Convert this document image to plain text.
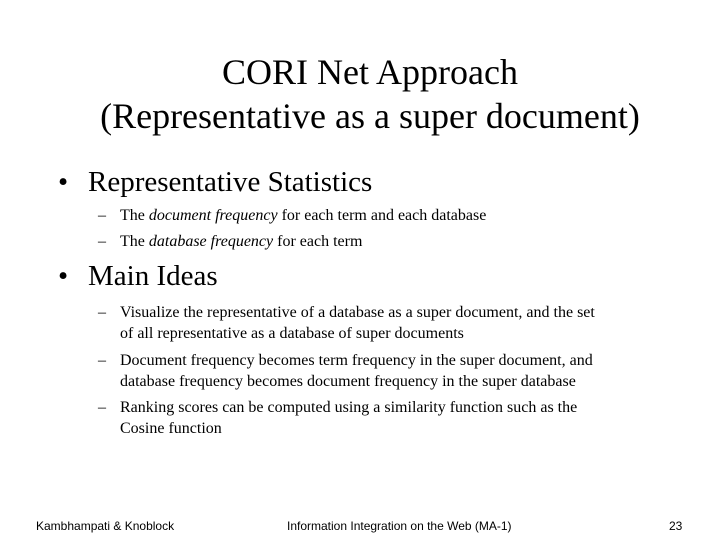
CORI Net Approach
(Representative as a super document)
• Representative Statistics
– The document frequency for each term and each database
– The database frequency for each term
• Main Ideas
– Visualize the representative of a database as a super document, and the set
of all representative as a database of super documents
– Document frequency becomes term frequency in the super document, and
database frequency becomes document frequency in the super database
– Ranking scores can be computed using a similarity function such as the
Cosine function
Kambhampati & Knoblock	Information Integration on the Web (MA-1)	23
